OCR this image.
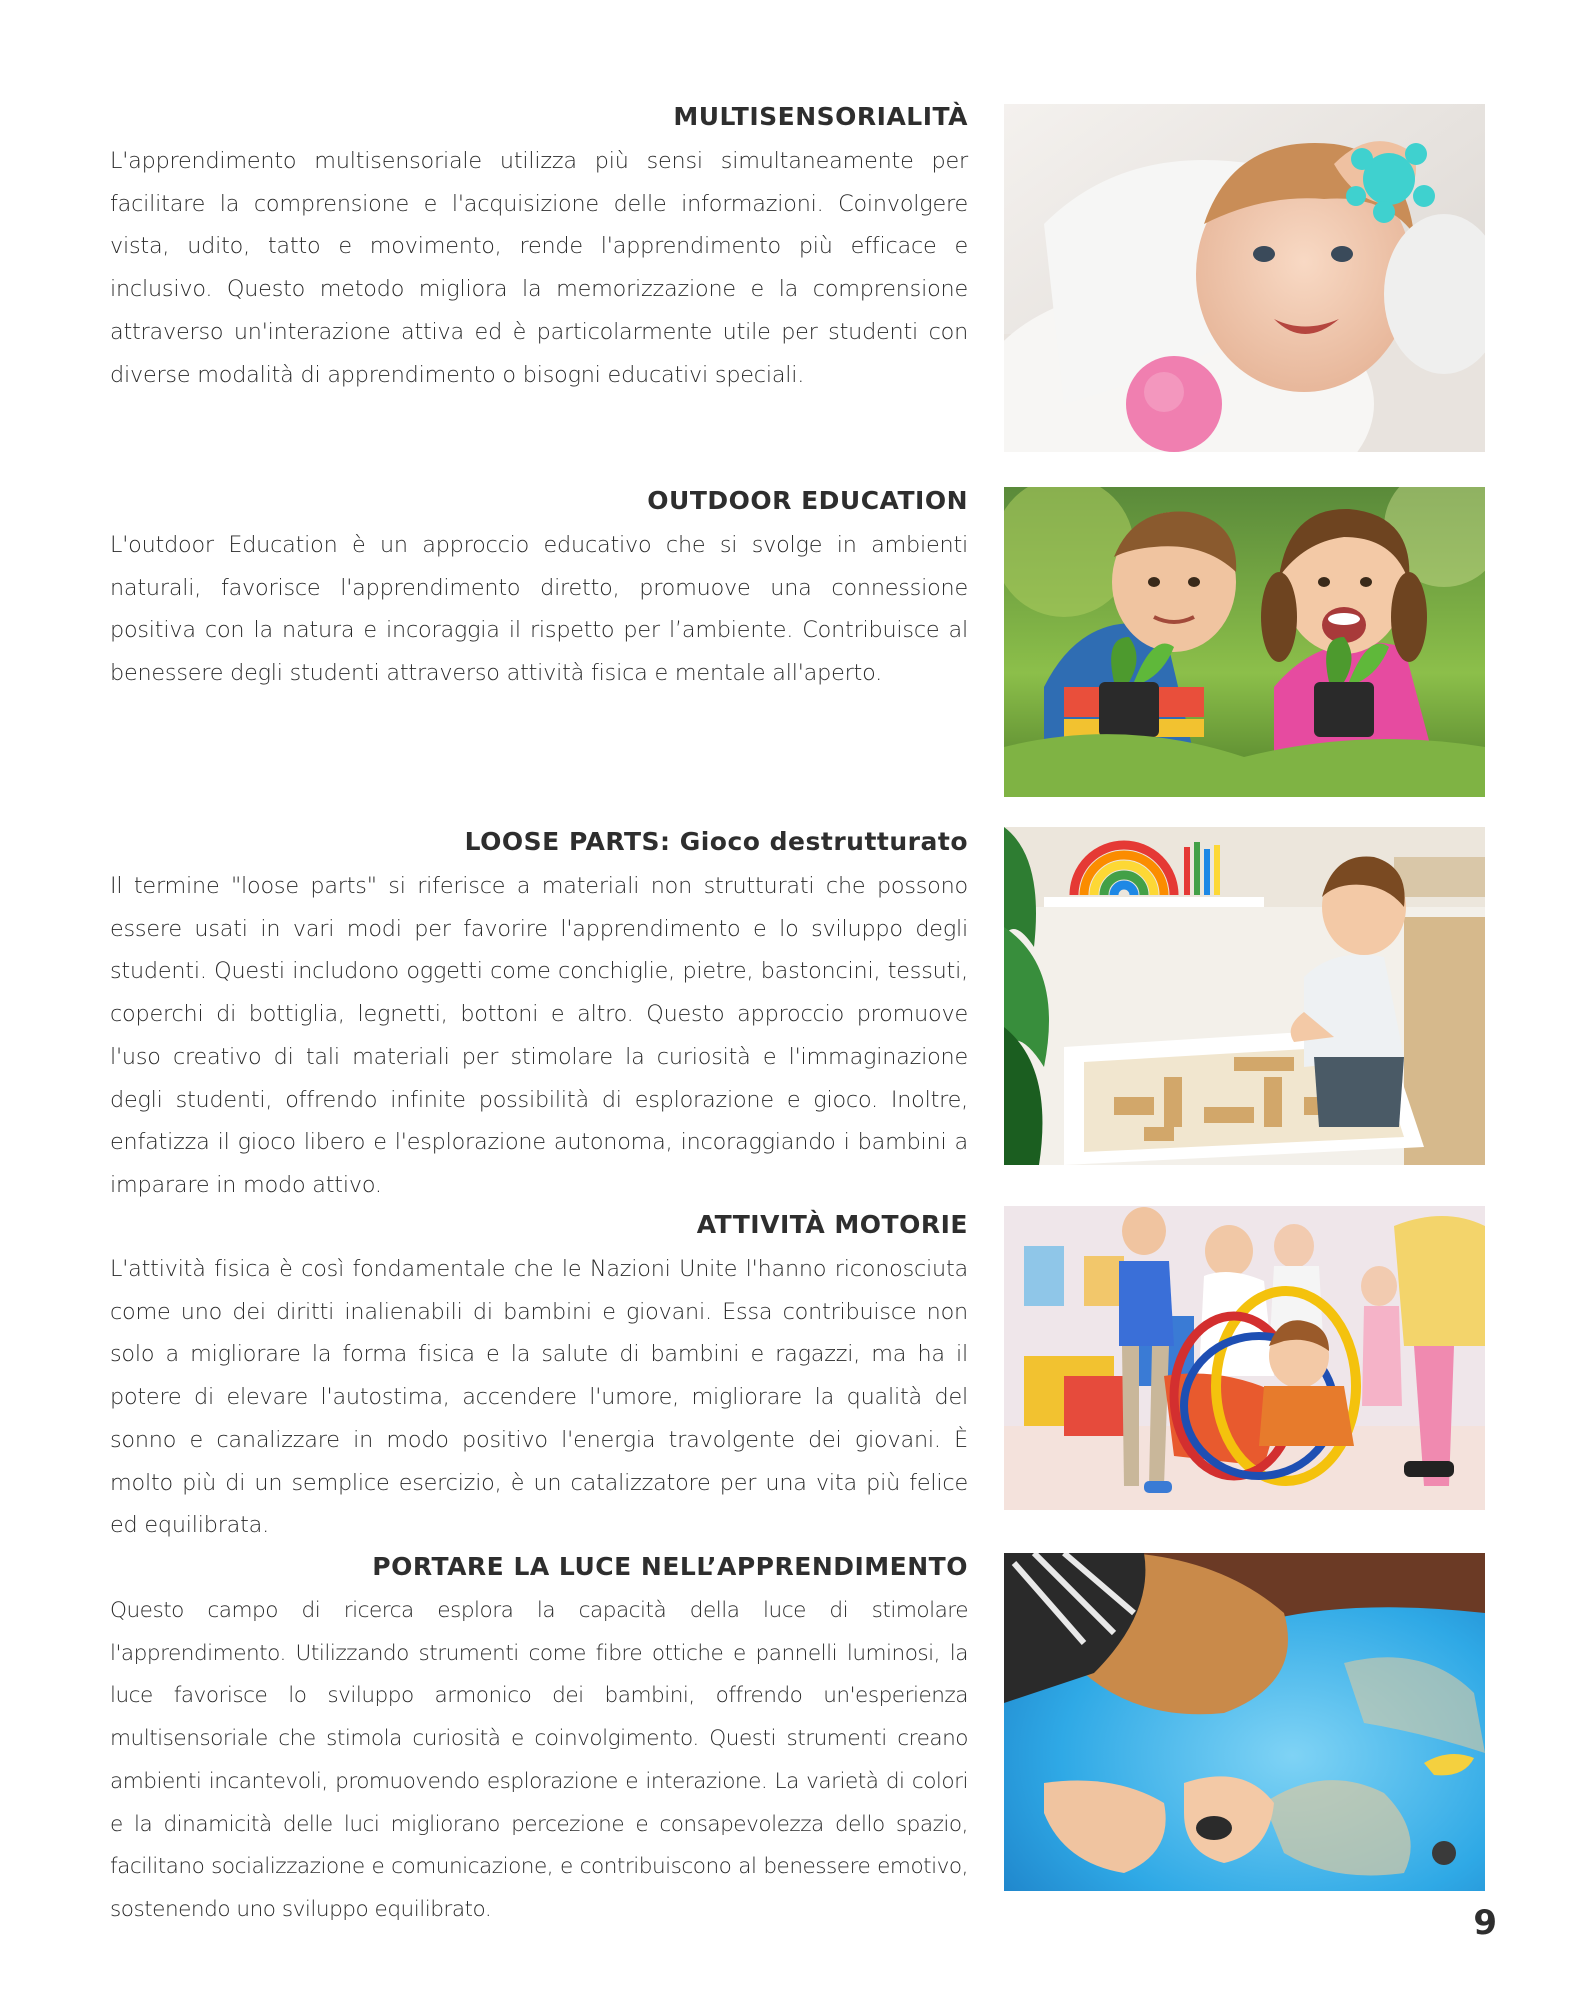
MULTISENSORIALITÀ

L'apprendimento multisensoriale utilizza più sensi simultaneamente per facilitare la comprensione e l'acquisizione delle informazioni. Coinvolgere vista, udito, tatto e movimento, rende l'apprendimento più efficace e inclusivo. Questo metodo migliora la memorizzazione e la comprensione attraverso un'interazione attiva ed è particolarmente utile per studenti con diverse modalità di apprendimento o bisogni educativi speciali.

OUTDOOR EDUCATION

L'outdoor Education è un approccio educativo che si svolge in ambienti naturali, favorisce l'apprendimento diretto, promuove una connessione positiva con la natura e incoraggia il rispetto per l’ambiente. Contribuisce al benessere degli studenti attraverso attività fisica e mentale all'aperto.

LOOSE PARTS: Gioco destrutturato

Il termine "loose parts" si riferisce a materiali non strutturati che possono essere usati in vari modi per favorire l'apprendimento e lo sviluppo degli studenti. Questi includono oggetti come conchiglie, pietre, bastoncini, tessuti, coperchi di bottiglia, legnetti, bottoni e altro. Questo approccio promuove l'uso creativo di tali materiali per stimolare la curiosità e l'immaginazione degli studenti, offrendo infinite possibilità di esplorazione e gioco. Inoltre, enfatizza il gioco libero e l'esplorazione autonoma, incoraggiando i bambini a imparare in modo attivo.

ATTIVITÀ MOTORIE

L'attività fisica è così fondamentale che le Nazioni Unite l'hanno riconosciuta come uno dei diritti inalienabili di bambini e giovani. Essa contribuisce non solo a migliorare la forma fisica e la salute di bambini e ragazzi, ma ha il potere di elevare l'autostima, accendere l'umore, migliorare la qualità del sonno e canalizzare in modo positivo l'energia travolgente dei giovani. È molto più di un semplice esercizio, è un catalizzatore per una vita più felice ed equilibrata.

PORTARE LA LUCE NELL’APPRENDIMENTO

Questo campo di ricerca esplora la capacità della luce di stimolare l'apprendimento. Utilizzando strumenti come fibre ottiche e pannelli luminosi, la luce favorisce lo sviluppo armonico dei bambini, offrendo un'esperienza multisensoriale che stimola curiosità e coinvolgimento. Questi strumenti creano ambienti incantevoli, promuovendo esplorazione e interazione. La varietà di colori e la dinamicità delle luci migliorano percezione e consapevolezza dello spazio, facilitano socializzazione e comunicazione, e contribuiscono al benessere emotivo, sostenendo uno sviluppo equilibrato.	9
